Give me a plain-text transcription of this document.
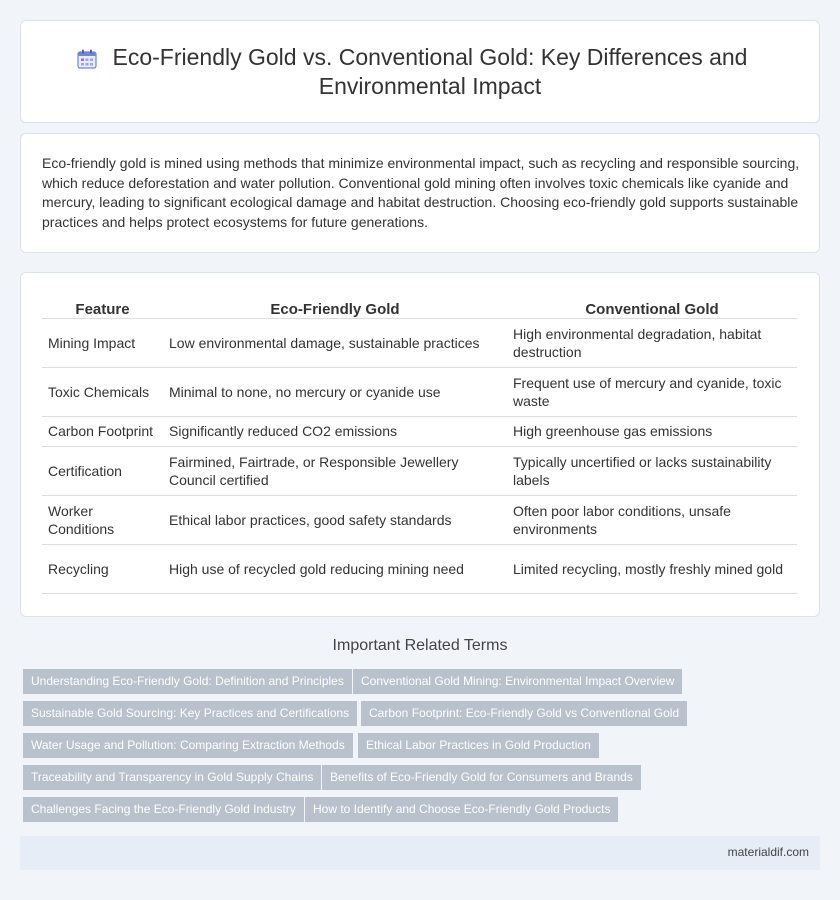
Eco-Friendly Gold vs. Conventional Gold: Key Differences and Environmental Impact

Eco-friendly gold is mined using methods that minimize environmental impact, such as recycling and responsible sourcing, which reduce deforestation and water pollution. Conventional gold mining often involves toxic chemicals like cyanide and mercury, leading to significant ecological damage and habitat destruction. Choosing eco-friendly gold supports sustainable practices and helps protect ecosystems for future generations.

Feature	Eco-Friendly Gold	Conventional Gold
Mining Impact	Low environmental damage, sustainable practices	High environmental degradation, habitat destruction
Toxic Chemicals	Minimal to none, no mercury or cyanide use	Frequent use of mercury and cyanide, toxic waste
Carbon Footprint	Significantly reduced CO2 emissions	High greenhouse gas emissions
Certification	Fairmined, Fairtrade, or Responsible Jewellery Council certified	Typically uncertified or lacks sustainability labels
Worker Conditions	Ethical labor practices, good safety standards	Often poor labor conditions, unsafe environments
Recycling	High use of recycled gold reducing mining need	Limited recycling, mostly freshly mined gold
Important Related Terms
Understanding Eco-Friendly Gold: Definition and Principles	Conventional Gold Mining: Environmental Impact Overview
Sustainable Gold Sourcing: Key Practices and Certifications	Carbon Footprint: Eco-Friendly Gold vs Conventional Gold
Water Usage and Pollution: Comparing Extraction Methods	Ethical Labor Practices in Gold Production
Traceability and Transparency in Gold Supply Chains	Benefits of Eco-Friendly Gold for Consumers and Brands
Challenges Facing the Eco-Friendly Gold Industry	How to Identify and Choose Eco-Friendly Gold Products
materialdif.com
